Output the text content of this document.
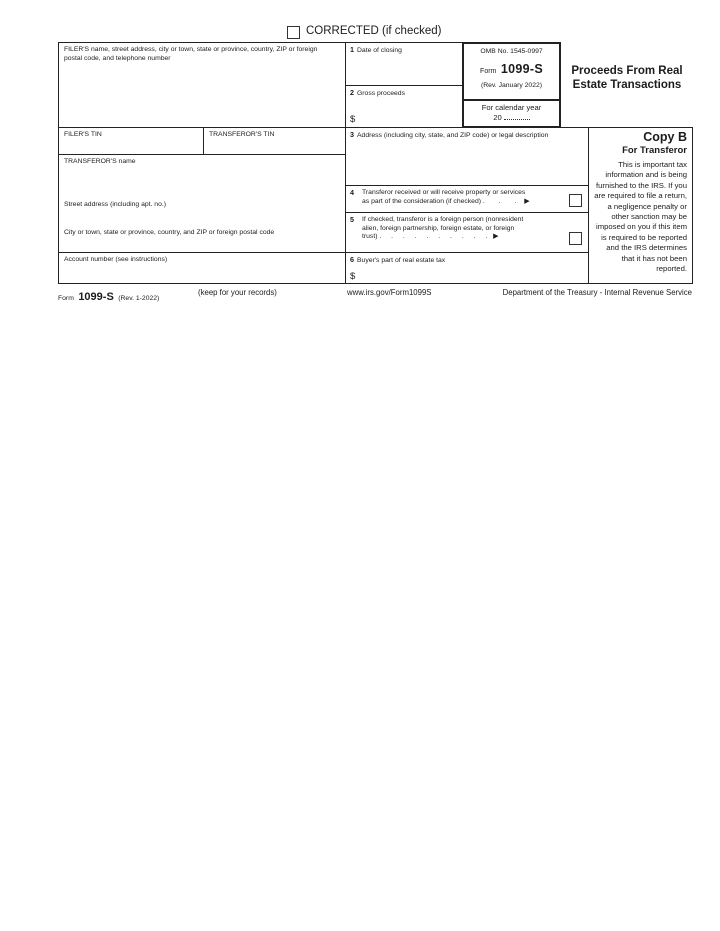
CORRECTED (if checked)
FILER'S name, street address, city or town, state or province, country, ZIP or foreign postal code, and telephone number
FILER'S TIN	TRANSFEROR'S TIN
TRANSFEROR'S name
Street address (including apt. no.)
City or town, state or province, country, and ZIP or foreign postal code
Account number (see instructions)
1 Date of closing
2 Gross proceeds
$
OMB No. 1545-0997
Form 1099-S
(Rev. January 2022)
For calendar year
20
Proceeds From Real
Estate Transactions
3 Address (including city, state, and ZIP code) or legal description
4 Transferor received or will receive property or services
as part of the consideration (if checked) . . . ▶
5 If checked, transferor is a foreign person (nonresident
alien, foreign partnership, foreign estate, or foreign
trust) . . . . . . . . . . ▶
6 Buyer's part of real estate tax
$
Copy B
For Transferor
This is important tax information and is being furnished to the IRS. If you are required to file a return, a negligence penalty or other sanction may be imposed on you if this item is required to be reported and the IRS determines that it has not been reported.
Form 1099-S (Rev. 1-2022)
(keep for your records)	www.irs.gov/Form1099S	Department of the Treasury - Internal Revenue Service
